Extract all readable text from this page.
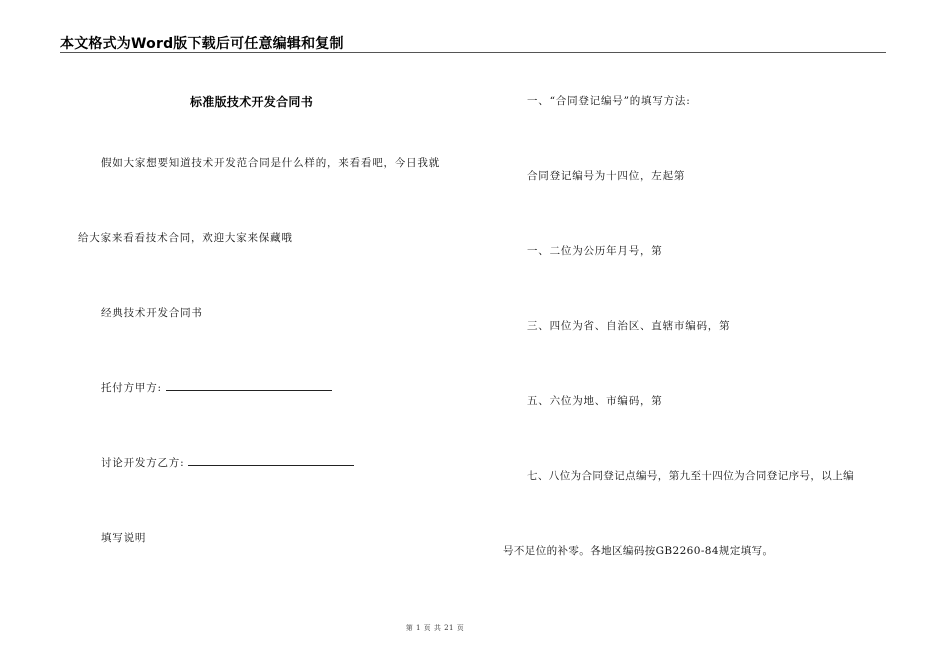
本文格式为Word版下载后可任意编辑和复制
标准版技术开发合同书
假如大家想要知道技术开发范合同是什么样的，来看看吧，今日我就
给大家来看看技术合同，欢迎大家来保藏哦
经典技术开发合同书
托付方甲方:
讨论开发方乙方:
填写说明
一、“合同登记编号”的填写方法:
合同登记编号为十四位，左起第
一、二位为公历年月号，第
三、四位为省、自治区、直辖市编码，第
五、六位为地、市编码，第
七、八位为合同登记点编号，第九至十四位为合同登记序号，以上编
号不足位的补零。各地区编码按GB2260-84规定填写。
第 1 页 共 21 页
